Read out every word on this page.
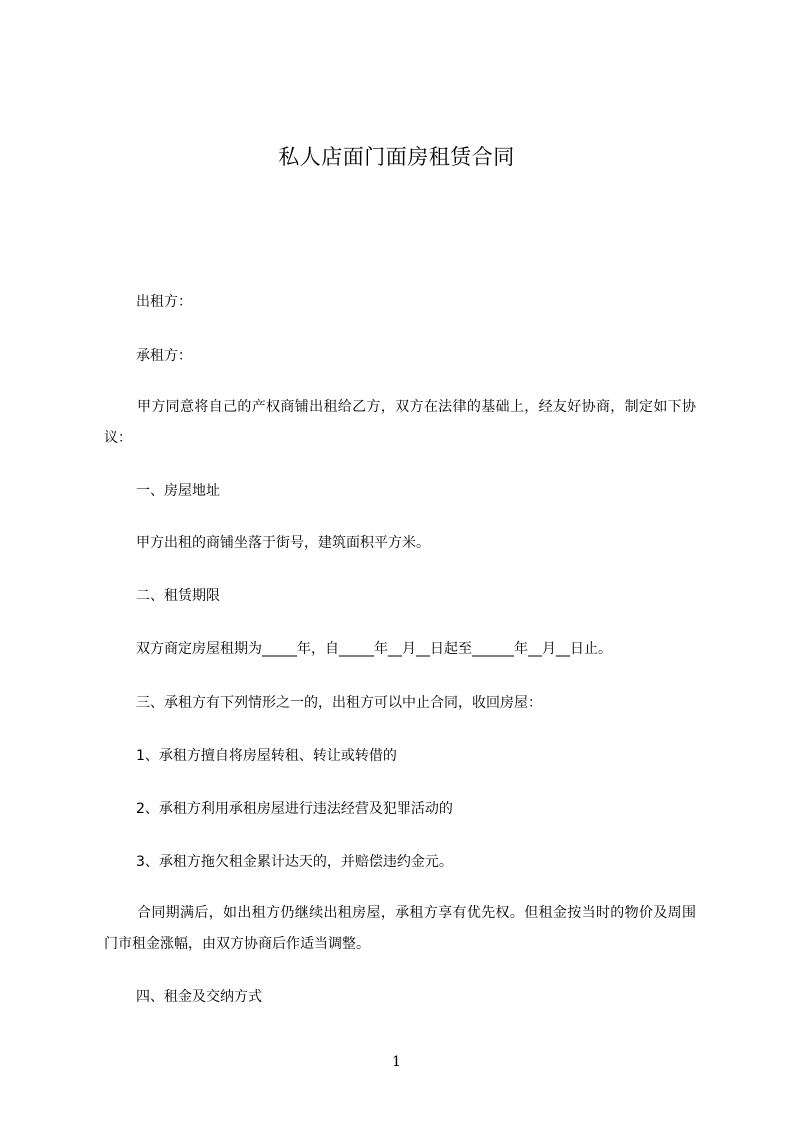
私人店面门面房租赁合同
出租方：
承租方：
甲方同意将自己的产权商铺出租给乙方，双方在法律的基础上，经友好协商，制定如下协议：
一、房屋地址
甲方出租的商铺坐落于街号，建筑面积平方米。
二、租赁期限
双方商定房屋租期为_____年，自_____年__月__日起至______年__月__日止。
三、承租方有下列情形之一的，出租方可以中止合同，收回房屋：
1、承租方擅自将房屋转租、转让或转借的
2、承租方利用承租房屋进行违法经营及犯罪活动的
3、承租方拖欠租金累计达天的，并赔偿违约金元。
合同期满后，如出租方仍继续出租房屋，承租方享有优先权。但租金按当时的物价及周围门市租金涨幅，由双方协商后作适当调整。
四、租金及交纳方式
1
